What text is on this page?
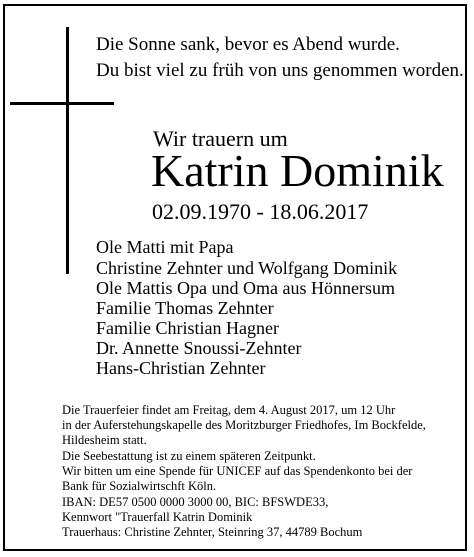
Die Sonne sank, bevor es Abend wurde.
Du bist viel zu früh von uns genommen worden.
Wir trauern um
Katrin Dominik
02.09.1970 - 18.06.2017
Ole Matti mit Papa
Christine Zehnter und Wolfgang Dominik
Ole Mattis Opa und Oma aus Hönnersum
Familie Thomas Zehnter
Familie Christian Hagner
Dr. Annette Snoussi-Zehnter
Hans-Christian Zehnter
Die Trauerfeier findet am Freitag, dem 4. August 2017, um 12 Uhr
in der Auferstehungskapelle des Moritzburger Friedhofes, Im Bockfelde,
Hildesheim statt.
Die Seebestattung ist zu einem späteren Zeitpunkt.
Wir bitten um eine Spende für UNICEF auf das Spendenkonto bei der
Bank für Sozialwirtschft Köln.
IBAN: DE57 0500 0000 3000 00, BIC: BFSWDE33,
Kennwort "Trauerfall Katrin Dominik
Trauerhaus: Christine Zehnter, Steinring 37, 44789 Bochum
